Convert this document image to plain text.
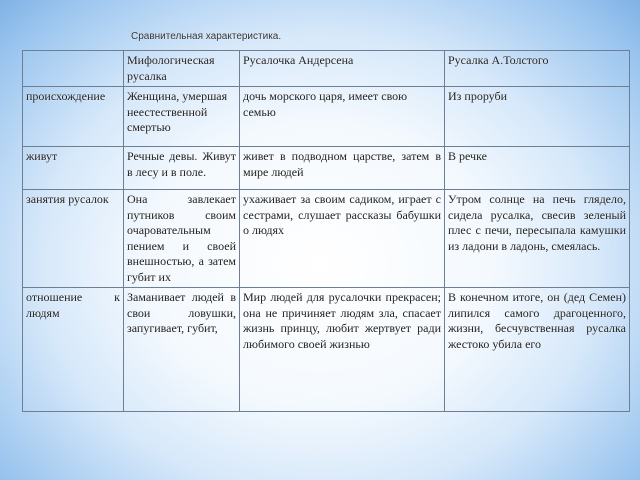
Сравнительная характеристика.
	Мифологическая русалка	Русалочка Андерсена	Русалка А.Толстого
происхождение	Женщина, умершая неестественной смертью	дочь морского царя, имеет свою семью	Из проруби
живут	Речные девы. Живут в лесу и в поле.	живет в подводном царстве, затем в мире людей	В речке
занятия русалок	Она завлекает путников своим очаровательным пением и своей внешностью, а затем губит их	ухаживает за своим садиком, играет с сестрами, слушает рассказы бабушки о людях	Утром солнце на печь глядело, сидела русалка, свесив зеленый плес с печи, пересыпала камушки из ладони в ладонь, смеялась.
отношение к людям	Заманивает людей в свои ловушки, запугивает, губит,	Мир людей для русалочки прекрасен; она не причиняет людям зла, спасает жизнь принцу, любит жертвует ради любимого своей жизнью	В конечном итоге, он (дед Семен) липился самого драгоценного, жизни, бесчувственная русалка жестоко убила его
